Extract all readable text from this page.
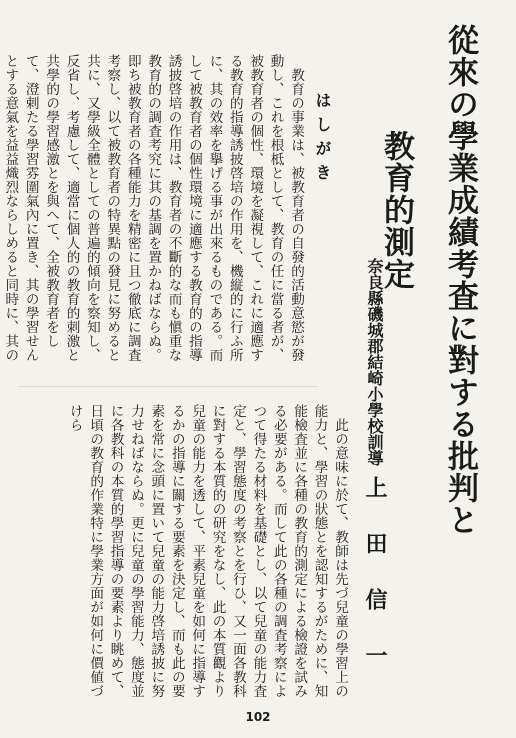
從來の學業成績考査に對する批判と
教育的測定
奈良縣磯城郡結崎小學校訓導
上田信一
はしがき

教育の事業は、被教育者の自發的活動意慾が發動し、これを根柢として、教育の任に當る者が、被教育者の個性、環境を凝視して、これに適應する教育的指導誘披啓培の作用を、機縦的に行ふ所に、其の效率を擧げる事が出來るものである。而して被教育者の個性環境に適應する教育的の指導誘披啓培の作用は、教育者の不斷的な而も愼重な教育的の調査考究に其の基調を置かねばならぬ。即ち被教育者の各種能力を精密に且つ徹底に調査考察し、以て被教育者の特異點の發見に努めると共に、又學級全體としての普遍的傾向を察知し、反省し、考慮して、適當に個人的の教育的刺激と共學的の學習感激とを與へて、全被教育者をして、澄剌たる學習雰圍氣內に置き、其の學習せんとする意氣を益益熾烈ならしめると同時に、其の

此の意味に於て、教師は先づ兒童の學習上の能力と、學習の狀態とを認知するがために、知能檢査並に各種の教育的測定による檢證を試みる必要がある。而して此の各種の調査考察によつて得たる材料を基礎とし、以て兒童の能力査定と、學習態度の考察とを行ひ、又一面各教科に對する本質的の研究をなし、此の本質觀より兒童の能力を透して、平素兒童を如何に指導するかの指導に關する要素を決定し、而も此の要素を常に念頭に置いて兒童の能力啓培誘披に努力せねばならぬ。更に兒童の學習能力、態度並に各教科の本質的學習指導の要素より眺めて、日頃の教育的作業特に學業方面が如何に價値づけら

102
